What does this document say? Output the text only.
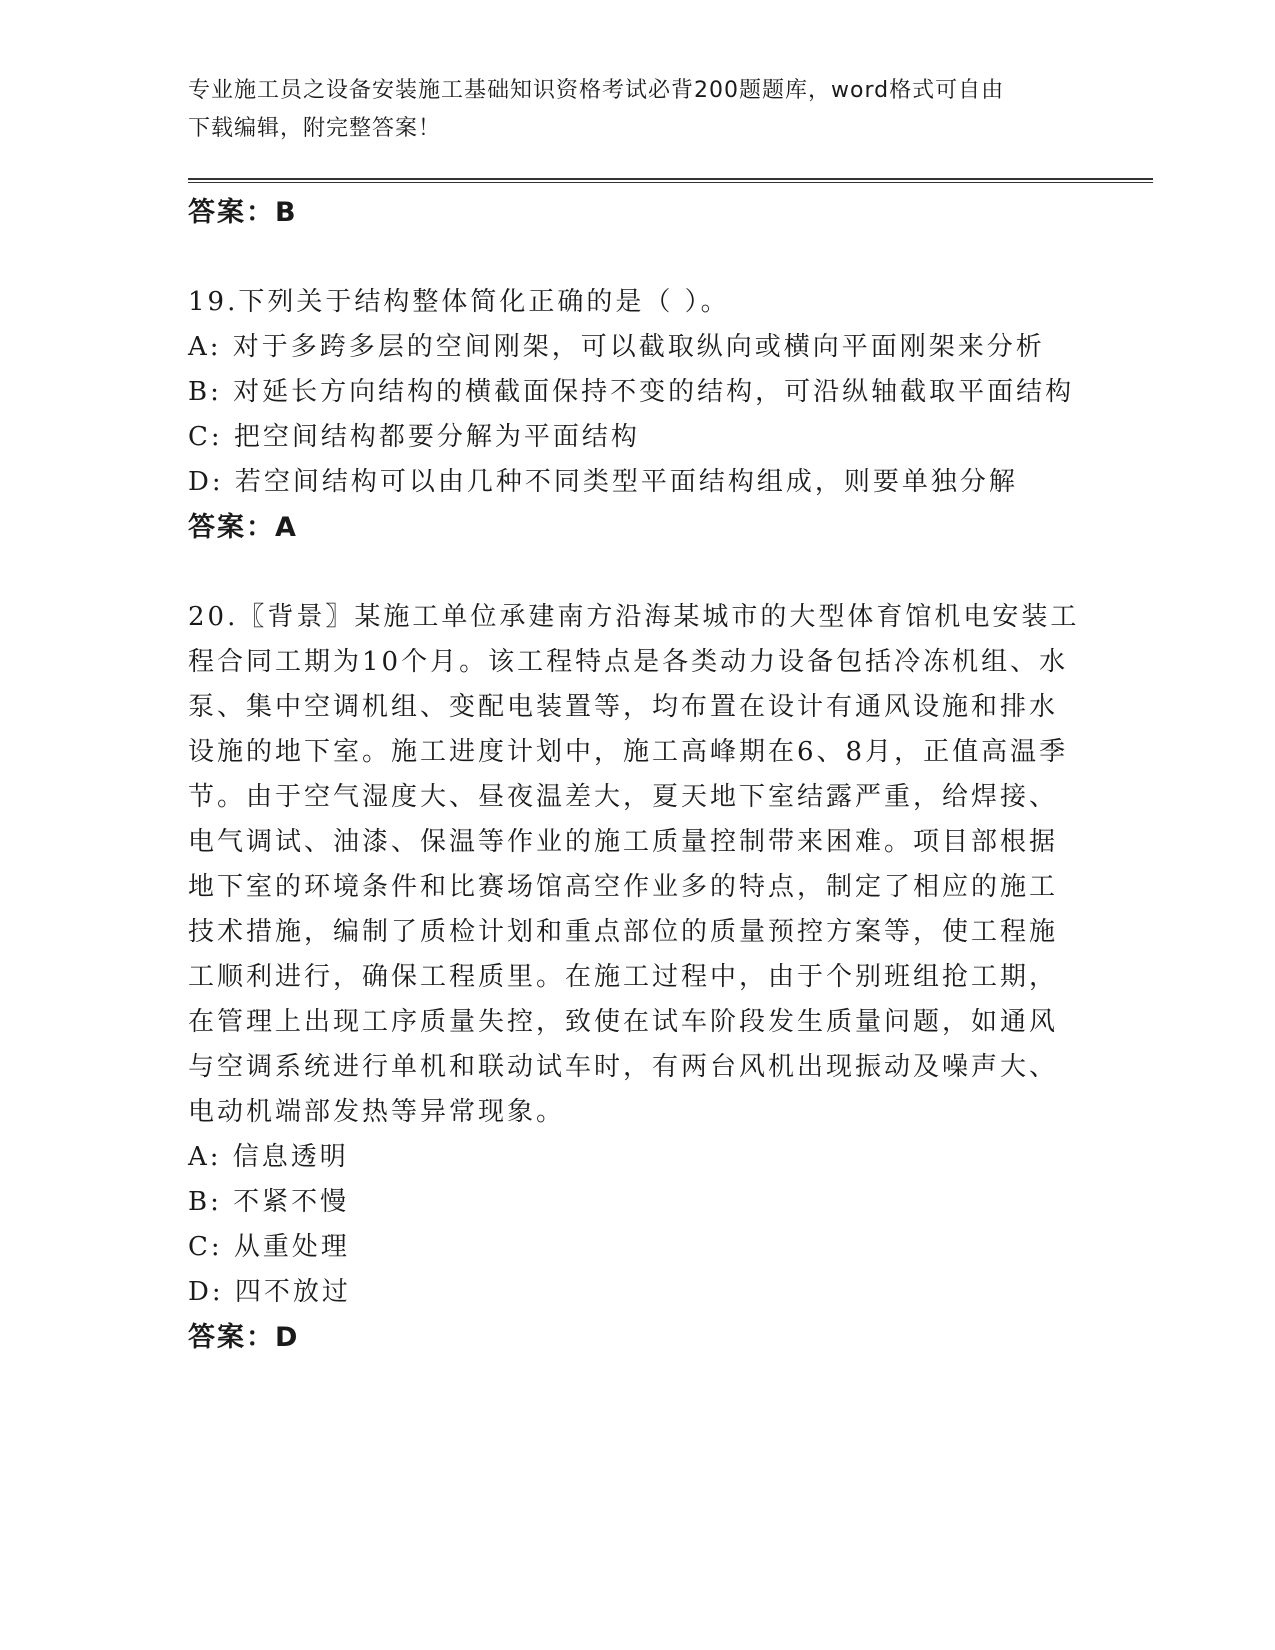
专业施工员之设备安装施工基础知识资格考试必背200题题库，word格式可自由
下载编辑，附完整答案！
答案：B
19.下列关于结构整体简化正确的是（ ）。
A: 对于多跨多层的空间刚架，可以截取纵向或横向平面刚架来分析
B: 对延长方向结构的横截面保持不变的结构，可沿纵轴截取平面结构
C: 把空间结构都要分解为平面结构
D: 若空间结构可以由几种不同类型平面结构组成，则要单独分解
答案：A
20.〖背景〗某施工单位承建南方沿海某城市的大型体育馆机电安装工
程合同工期为10个月。该工程特点是各类动力设备包括冷冻机组、水
泵、集中空调机组、变配电装置等，均布置在设计有通风设施和排水
设施的地下室。施工进度计划中，施工高峰期在6、8月，正值高温季
节。由于空气湿度大、昼夜温差大，夏天地下室结露严重，给焊接、
电气调试、油漆、保温等作业的施工质量控制带来困难。项目部根据
地下室的环境条件和比赛场馆高空作业多的特点，制定了相应的施工
技术措施，编制了质检计划和重点部位的质量预控方案等，使工程施
工顺利进行，确保工程质里。在施工过程中，由于个别班组抢工期，
在管理上出现工序质量失控，致使在试车阶段发生质量问题，如通风
与空调系统进行单机和联动试车时，有两台风机出现振动及噪声大、
电动机端部发热等异常现象。
A: 信息透明
B: 不紧不慢
C: 从重处理
D: 四不放过
答案：D
